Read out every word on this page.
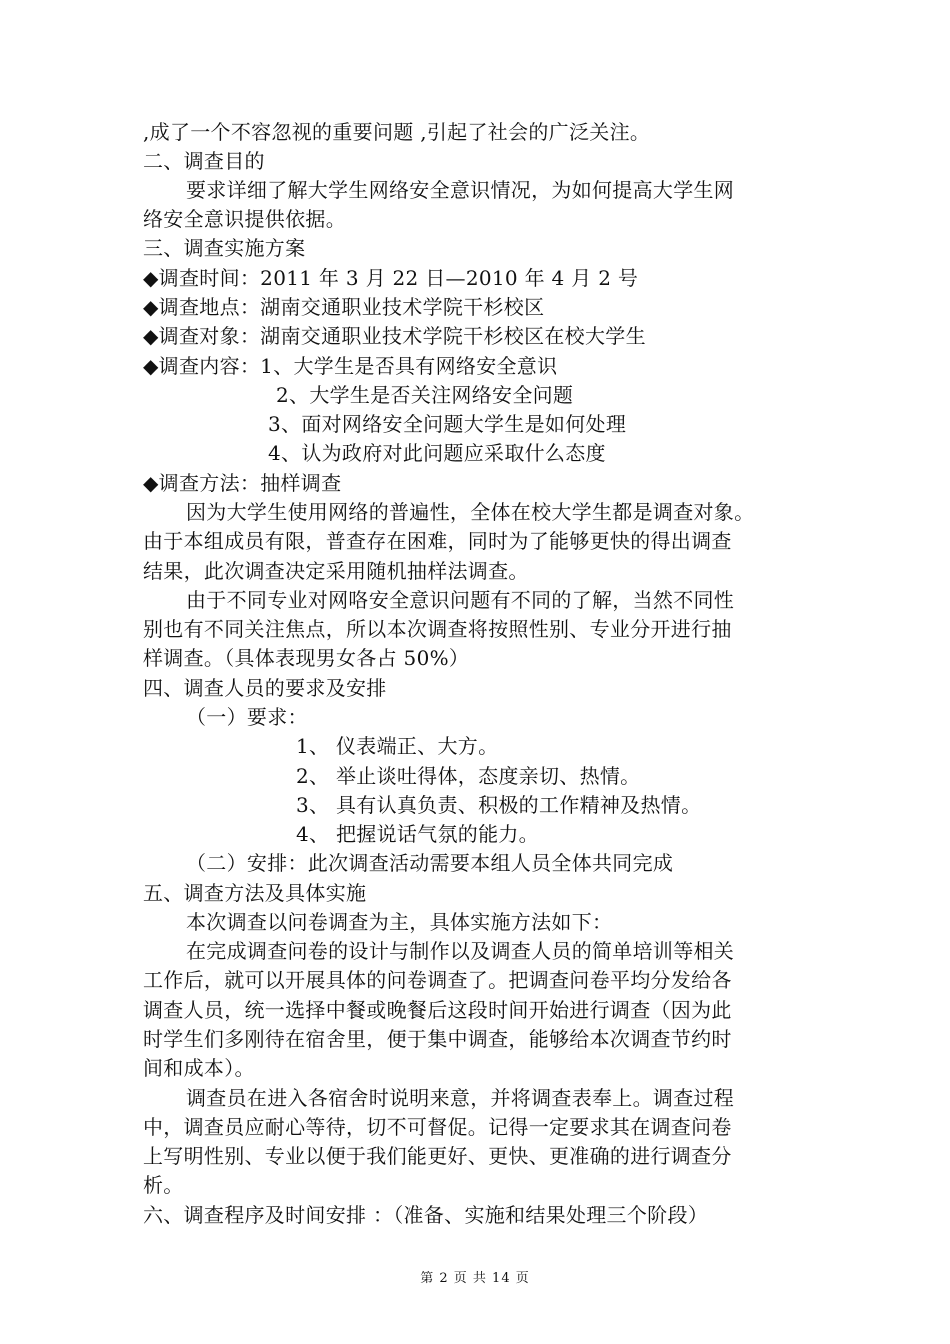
,成了一个不容忽视的重要问题 ,引起了社会的广泛关注。
二、调查目的
要求详细了解大学生网络安全意识情况，为如何提高大学生网
络安全意识提供依据。
三、调查实施方案
◆调查时间：2011 年 3 月 22 日—2010 年 4 月 2 号
◆调查地点：湖南交通职业技术学院干杉校区
◆调查对象：湖南交通职业技术学院干杉校区在校大学生
◆调查内容：1、大学生是否具有网络安全意识
2、大学生是否关注网络安全问题
3、面对网络安全问题大学生是如何处理
4、认为政府对此问题应采取什么态度
◆调查方法：抽样调查
因为大学生使用网络的普遍性，全体在校大学生都是调查对象。
由于本组成员有限，普查存在困难，同时为了能够更快的得出调查
结果，此次调查决定采用随机抽样法调查。
由于不同专业对网咯安全意识问题有不同的了解，当然不同性
别也有不同关注焦点，所以本次调查将按照性别、专业分开进行抽
样调查。（具体表现男女各占 50%）
四、调查人员的要求及安排
（一）要求：
1、 仪表端正、大方。
2、 举止谈吐得体，态度亲切、热情。
3、 具有认真负责、积极的工作精神及热情。
4、 把握说话气氛的能力。
（二）安排：此次调查活动需要本组人员全体共同完成
五、调查方法及具体实施
本次调查以问卷调查为主，具体实施方法如下：
在完成调查问卷的设计与制作以及调查人员的简单培训等相关
工作后，就可以开展具体的问卷调查了。把调查问卷平均分发给各
调查人员，统一选择中餐或晚餐后这段时间开始进行调查（因为此
时学生们多刚待在宿舍里，便于集中调查，能够给本次调查节约时
间和成本）。
调查员在进入各宿舍时说明来意，并将调查表奉上。调查过程
中，调查员应耐心等待，切不可督促。记得一定要求其在调查问卷
上写明性别、专业以便于我们能更好、更快、更准确的进行调查分
析。
六、调查程序及时间安排 ：（准备、实施和结果处理三个阶段）
第 2 页 共 14 页
